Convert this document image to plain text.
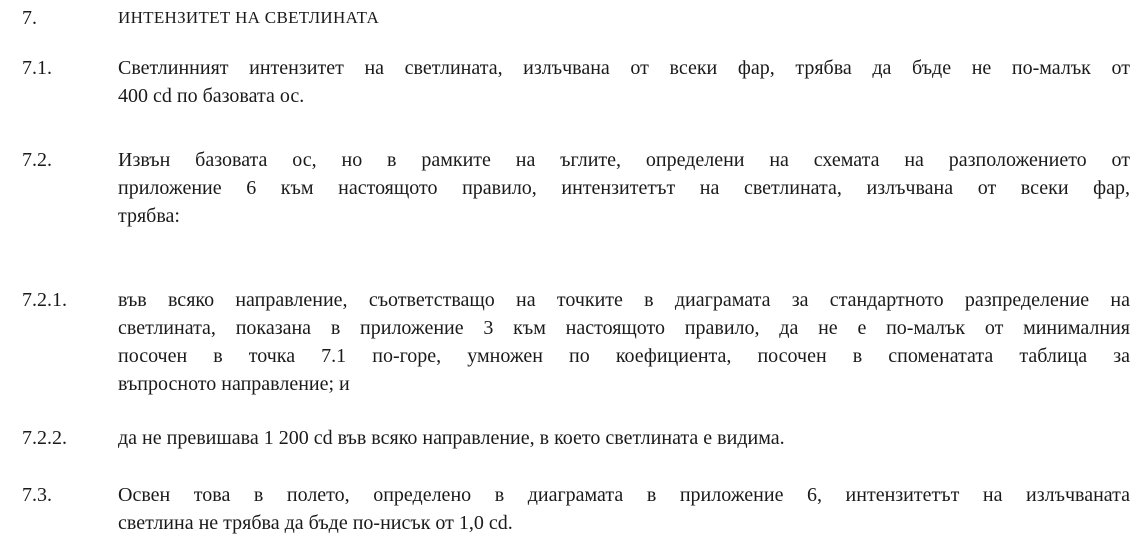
7.	ИНТЕНЗИТЕТ НА СВЕТЛИНАТА
7.1.	Светлинният интензитет на светлината, излъчвана от всеки фар, трябва да бъде не по-малък от
400 cd по базовата ос.
7.2.	Извън базовата ос, но в рамките на ъглите, определени на схемата на разположението от
приложение 6 към настоящото правило, интензитетът на светлината, излъчвана от всеки фар,
трябва:
7.2.1.	във всяко направление, съответстващо на точките в диаграмата за стандартното разпределение на
светлината, показана в приложение 3 към настоящото правило, да не е по-малък от минималния
посочен в точка 7.1 по-горе, умножен по коефициента, посочен в споменатата таблица за
въпросното направление; и
7.2.2.	да не превишава 1 200 cd във всяко направление, в което светлината е видима.
7.3.	Освен това в полето, определено в диаграмата в приложение 6, интензитетът на излъчваната
светлина не трябва да бъде по-нисък от 1,0 cd.
